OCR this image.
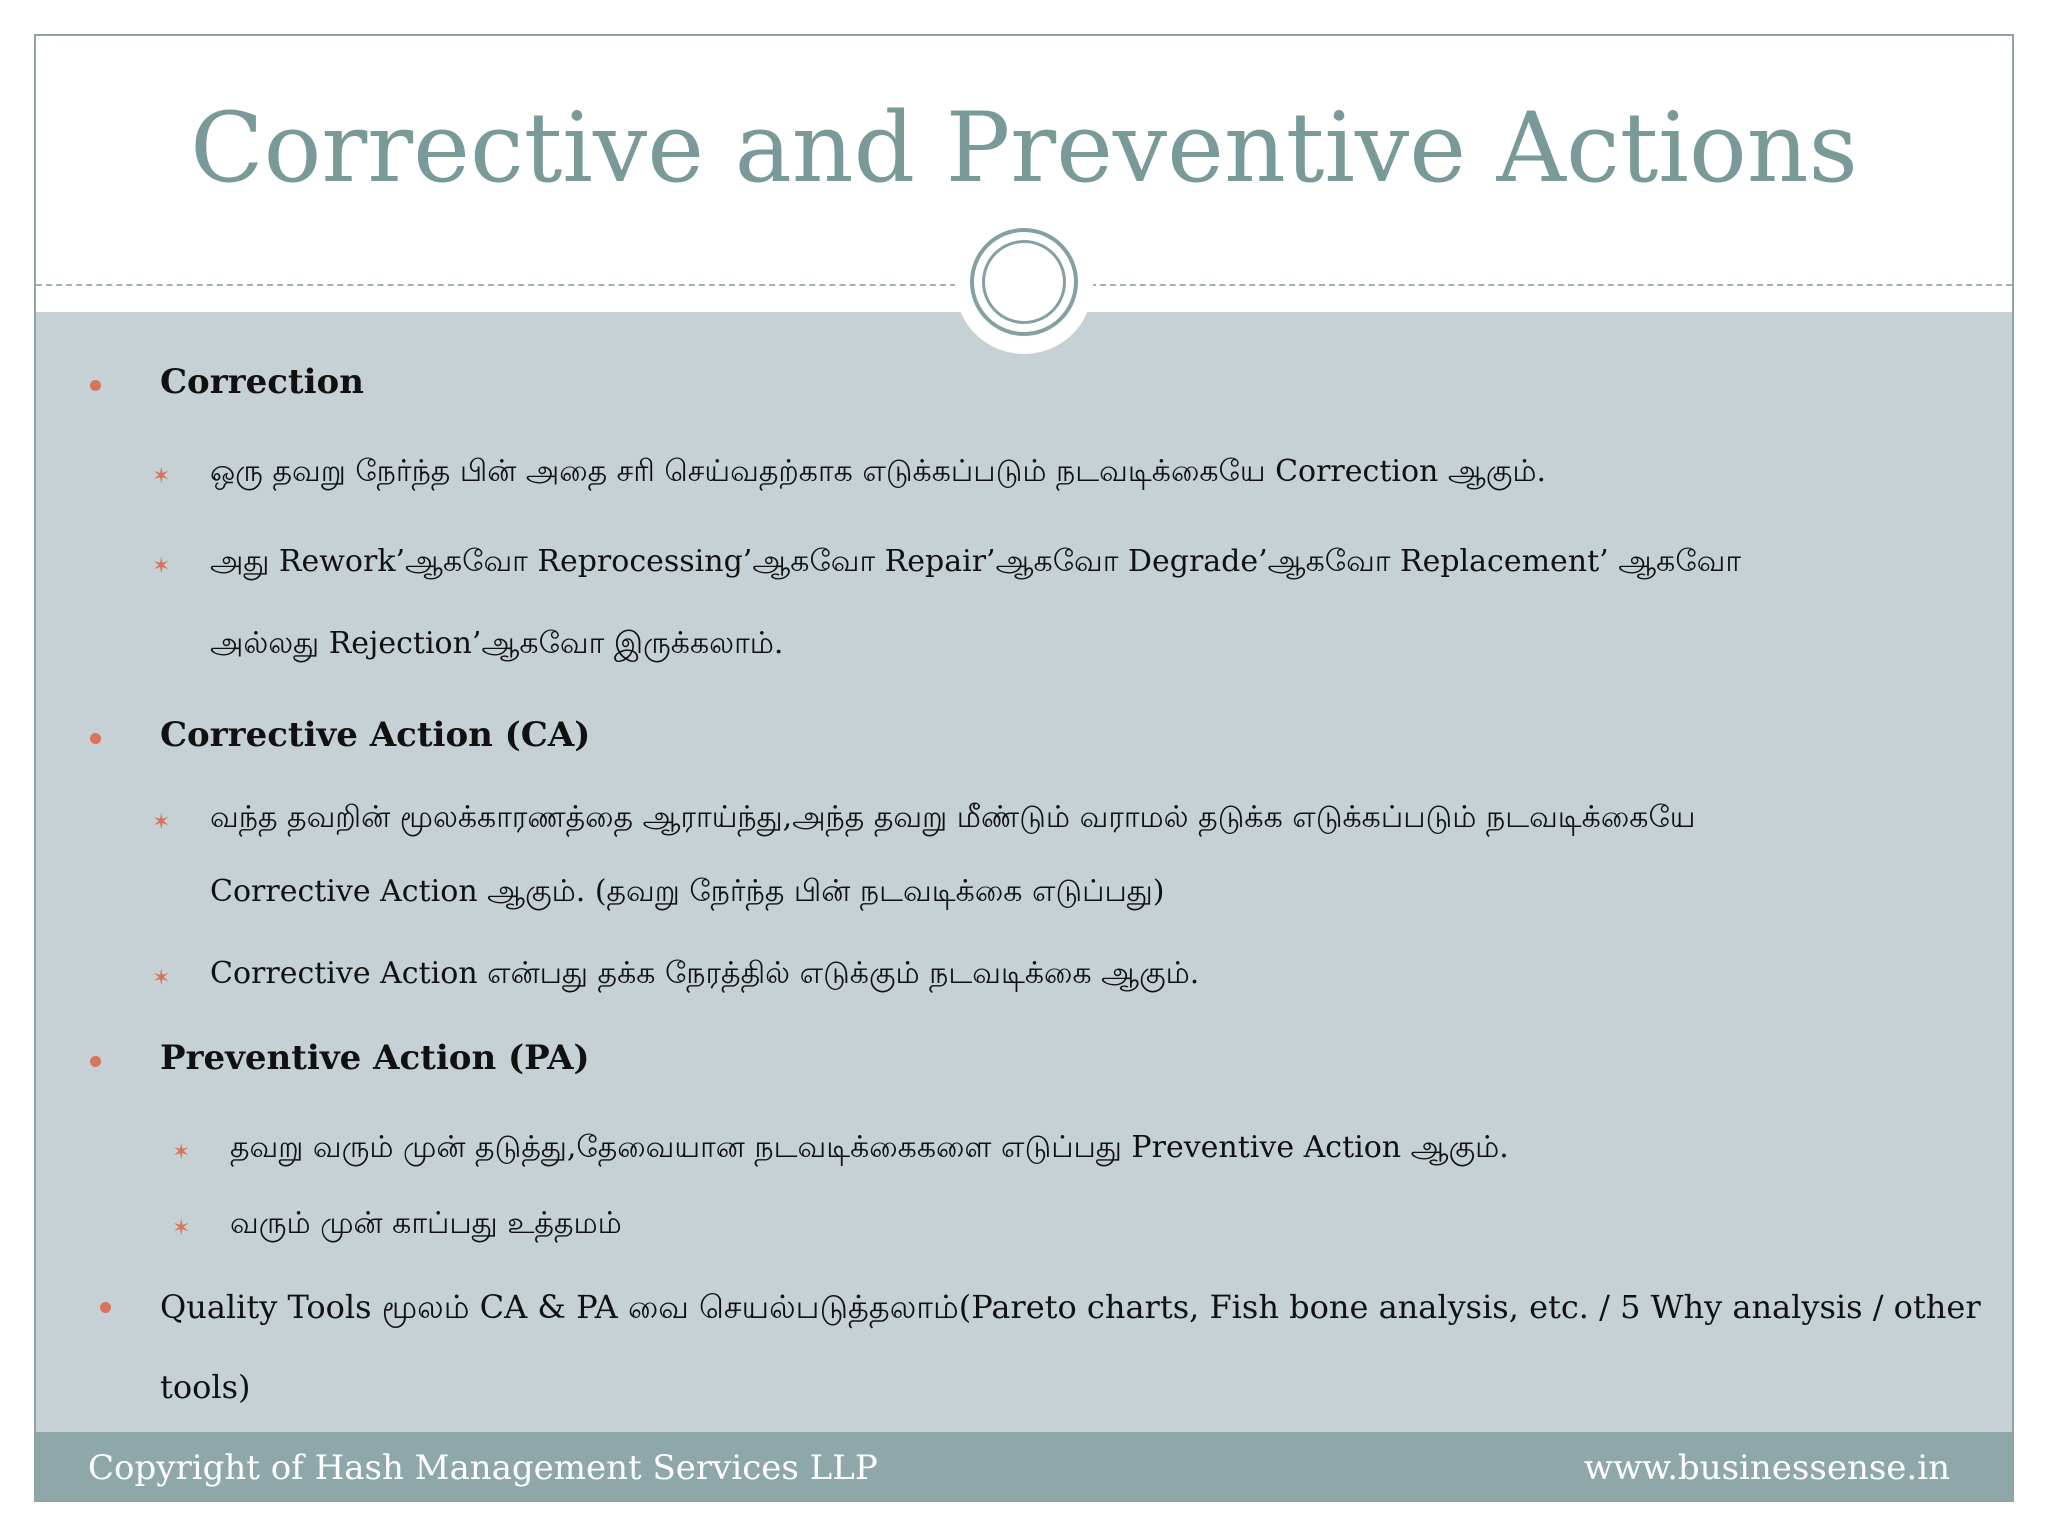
Corrective and Preventive Actions
Correction
✶ ஒரு தவறு நேர்ந்த பின் அதை சரி செய்வதற்காக எடுக்கப்படும் நடவடிக்கையே Correction ஆகும்.
✶ அது Rework’ஆகவோ Reprocessing’ஆகவோ Repair’ஆகவோ Degrade’ஆகவோ Replacement’ ஆகவோ
அல்லது Rejection’ஆகவோ இருக்கலாம்.
Corrective Action (CA)
✶ வந்த தவறின் மூலக்காரணத்தை ஆராய்ந்து,அந்த தவறு மீண்டும் வராமல் தடுக்க எடுக்கப்படும் நடவடிக்கையே
Corrective Action ஆகும். (தவறு நேர்ந்த பின் நடவடிக்கை எடுப்பது)
✶ Corrective Action என்பது தக்க நேரத்தில் எடுக்கும் நடவடிக்கை ஆகும்.
Preventive Action (PA)
✶ தவறு வரும் முன் தடுத்து,தேவையான நடவடிக்கைகளை எடுப்பது Preventive Action ஆகும்.
✶ வரும் முன் காப்பது உத்தமம்
Quality Tools மூலம் CA & PA வை செயல்படுத்தலாம்(Pareto charts, Fish bone analysis, etc. / 5 Why analysis / other
tools)
Copyright of Hash Management Services LLP	www.businessense.in
